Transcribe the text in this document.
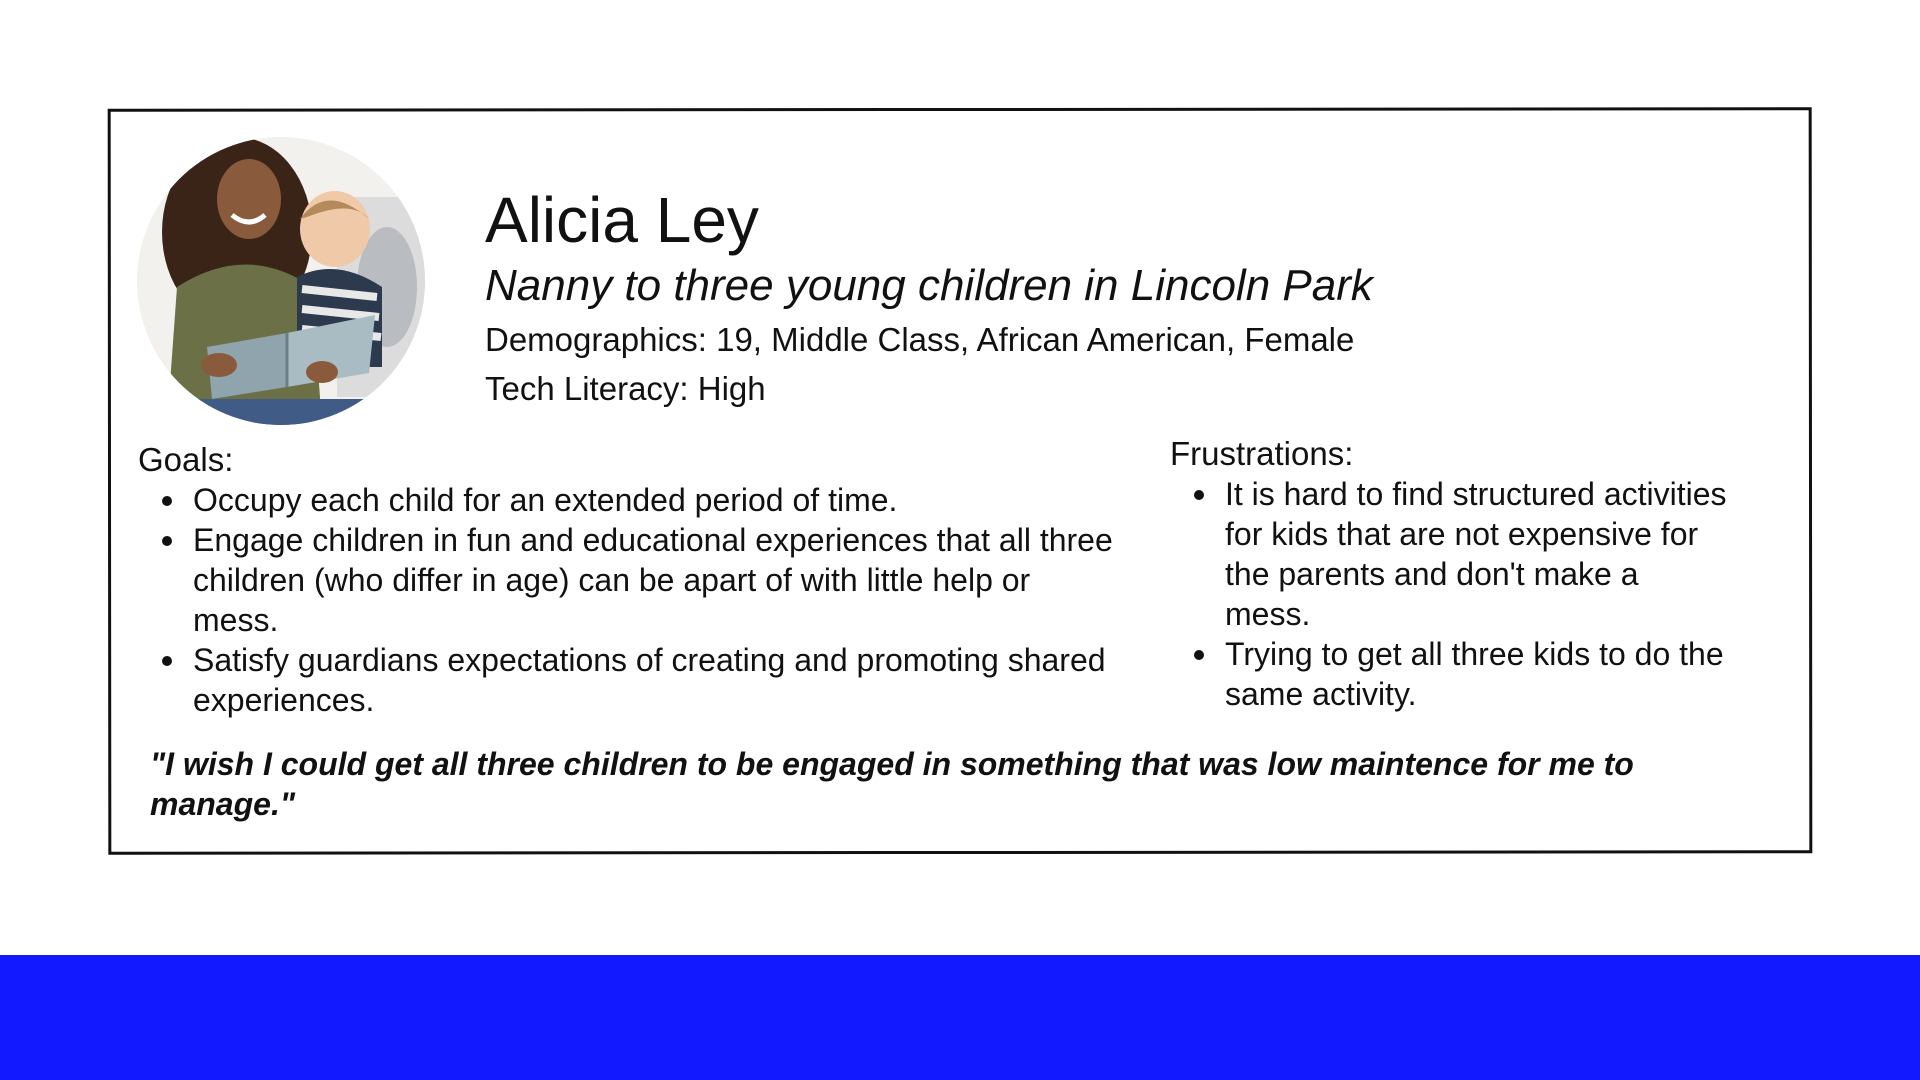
Alicia Ley
Nanny to three young children in Lincoln Park
Demographics: 19, Middle Class, African American, Female
Tech Literacy: High
Goals:
Occupy each child for an extended period of time.
Engage children in fun and educational experiences that all three children (who differ in age) can be apart of with little help or mess.
Satisfy guardians expectations of creating and promoting shared experiences.
Frustrations:
It is hard to find structured activities for kids that are not expensive for the parents and don't make a mess.
Trying to get all three kids to do the same activity.
"I wish I could get all three children to be engaged in something that was low maintence for me to manage."
